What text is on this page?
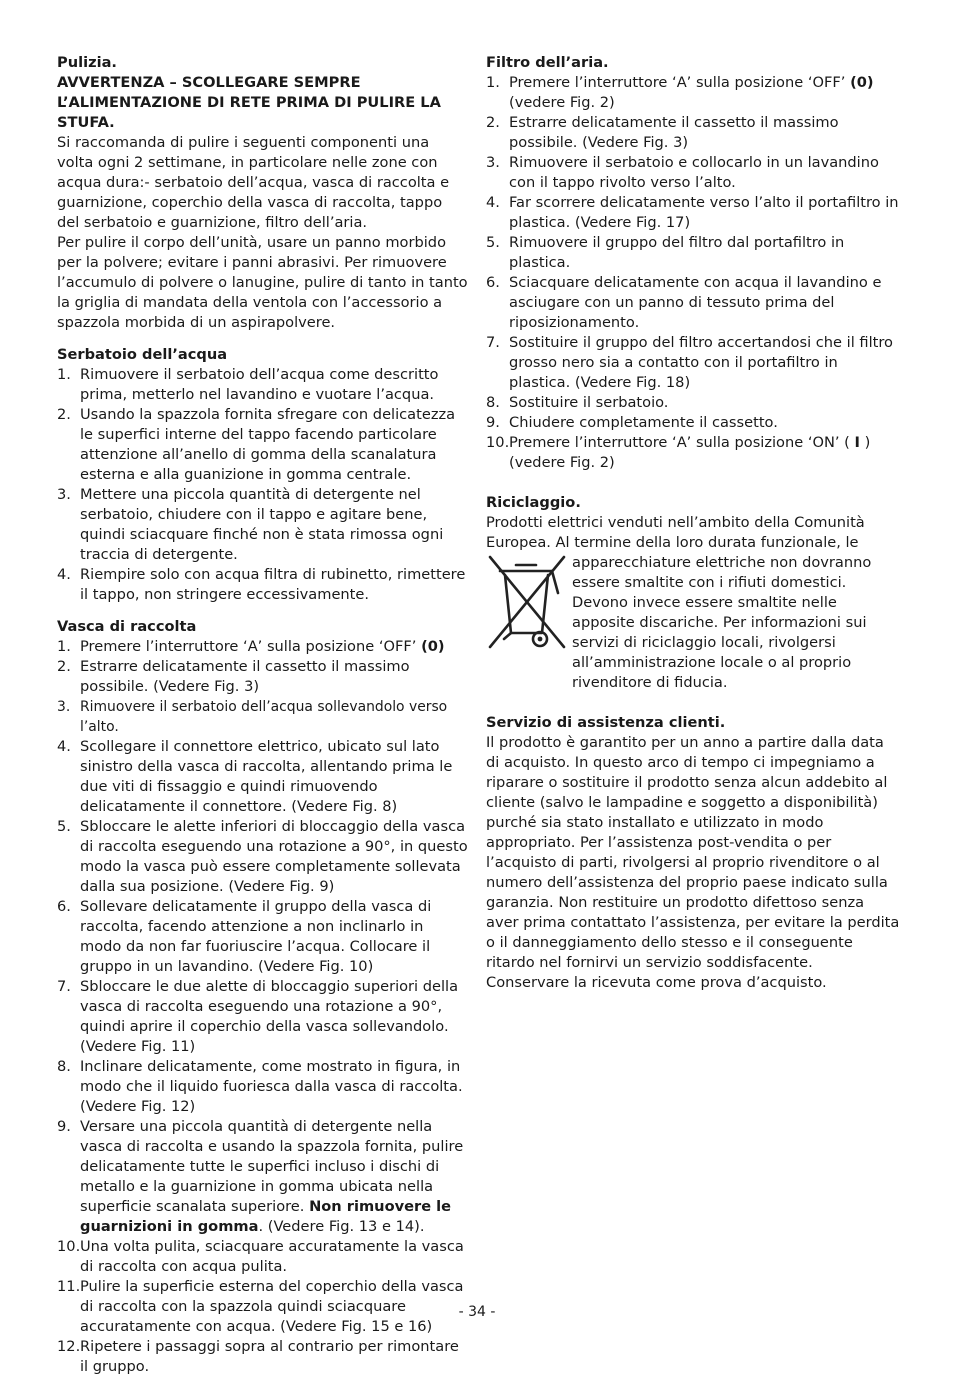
Pulizia.

AVVERTENZA – SCOLLEGARE SEMPRE L’ALIMENTAZIONE DI RETE PRIMA DI PULIRE LA STUFA.

Si raccomanda di pulire i seguenti componenti una volta ogni 2 settimane, in particolare nelle zone con acqua dura:- serbatoio dell’acqua, vasca di raccolta e guarnizione, coperchio della vasca di raccolta, tappo del serbatoio e guarnizione, filtro dell’aria.

Per pulire il corpo dell’unità, usare un panno morbido per la polvere; evitare i panni abrasivi. Per rimuovere l’accumulo di polvere o lanugine, pulire di tanto in tanto la griglia di mandata della ventola con l’accessorio a spazzola morbida di un aspirapolvere.

Serbatoio dell’acqua

1. Rimuovere il serbatoio dell’acqua come descritto prima, metterlo nel lavandino e vuotare l’acqua.
2. Usando la spazzola fornita sfregare con delicatezza le superfici interne del tappo facendo particolare attenzione all’anello di gomma della scanalatura esterna e alla guanizione in gomma centrale.
3. Mettere una piccola quantità di detergente nel serbatoio, chiudere con il tappo e agitare bene, quindi sciacquare finché non è stata rimossa ogni traccia di detergente.
4. Riempire solo con acqua filtra di rubinetto, rimettere il tappo, non stringere eccessivamente.

Vasca di raccolta

1. Premere l’interruttore ‘A’ sulla posizione ‘OFF’ (0)
2. Estrarre delicatamente il cassetto il massimo possibile. (Vedere Fig. 3)
3. Rimuovere il serbatoio dell’acqua sollevandolo verso l’alto.
4. Scollegare il connettore elettrico, ubicato sul lato sinistro della vasca di raccolta, allentando prima le due viti di fissaggio e quindi rimuovendo delicatamente il connettore. (Vedere Fig. 8)
5. Sbloccare le alette inferiori di bloccaggio della vasca di raccolta eseguendo una rotazione a 90°, in questo modo la vasca può essere completamente sollevata dalla sua posizione. (Vedere Fig. 9)
6. Sollevare delicatamente il gruppo della vasca di raccolta, facendo attenzione a non inclinarlo in modo da non far fuoriuscire l’acqua. Collocare il gruppo in un lavandino. (Vedere Fig. 10)
7. Sbloccare le due alette di bloccaggio superiori della vasca di raccolta eseguendo una rotazione a 90°, quindi aprire il coperchio della vasca sollevandolo. (Vedere Fig. 11)
8. Inclinare delicatamente, come mostrato in figura, in modo che il liquido fuoriesca dalla vasca di raccolta. (Vedere Fig. 12)
9. Versare una piccola quantità di detergente nella vasca di raccolta e usando la spazzola fornita, pulire delicatamente tutte le superfici incluso i dischi di metallo e la guarnizione in gomma ubicata nella superficie scanalata superiore. Non rimuovere le guarnizioni in gomma. (Vedere Fig. 13 e 14).
10. Una volta pulita, sciacquare accuratamente la vasca di raccolta con acqua pulita.
11. Pulire la superficie esterna del coperchio della vasca di raccolta con la spazzola quindi sciacquare accuratamente con acqua. (Vedere Fig. 15 e 16)
12. Ripetere i passaggi sopra al contrario per rimontare il gruppo.

Filtro dell’aria.

1. Premere l’interruttore ‘A’ sulla posizione ‘OFF’ (0)
(vedere Fig. 2)
2. Estrarre delicatamente il cassetto il massimo possibile. (Vedere Fig. 3)
3. Rimuovere il serbatoio e collocarlo in un lavandino con il tappo rivolto verso l’alto.
4. Far scorrere delicatamente verso l’alto il portafiltro in plastica. (Vedere Fig. 17)
5. Rimuovere il gruppo del filtro dal portafiltro in plastica.
6. Sciacquare delicatamente con acqua il lavandino e asciugare con un panno di tessuto prima del riposizionamento.
7. Sostituire il gruppo del filtro accertandosi che il filtro grosso nero sia a contatto con il portafiltro in plastica. (Vedere Fig. 18)
8. Sostituire il serbatoio.
9. Chiudere completamente il cassetto.
10. Premere l’interruttore ‘A’ sulla posizione ‘ON’ ( I ) (vedere Fig. 2)

Riciclaggio.

Prodotti elettrici venduti nell’ambito della Comunità Europea. Al termine della loro durata funzionale, le

apparecchiature elettriche non dovranno essere smaltite con i rifiuti domestici. Devono invece essere smaltite nelle apposite discariche. Per informazioni sui servizi di riciclaggio locali, rivolgersi all’amministrazione locale o al proprio rivenditore di fiducia.

Servizio di assistenza clienti.

Il prodotto è garantito per un anno a partire dalla data di acquisto. In questo arco di tempo ci impegniamo a riparare o sostituire il prodotto senza alcun addebito al cliente (salvo le lampadine e soggetto a disponibilità) purché sia stato installato e utilizzato in modo appropriato. Per l’assistenza post-vendita o per l’acquisto di parti, rivolgersi al proprio rivenditore o al numero dell’assistenza del proprio paese indicato sulla garanzia. Non restituire un prodotto difettoso senza aver prima contattato l’assistenza, per evitare la perdita o il danneggiamento dello stesso e il conseguente ritardo nel fornirvi un servizio soddisfacente.

Conservare la ricevuta come prova d’acquisto.

- 34 -
